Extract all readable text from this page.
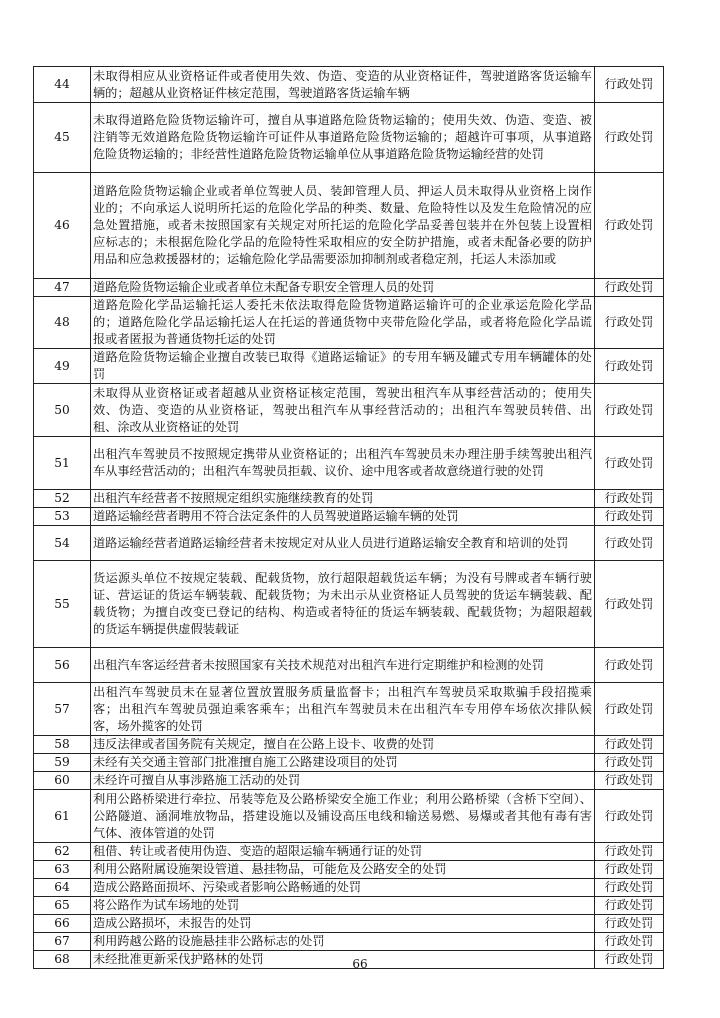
44	未取得相应从业资格证件或者使用失效、伪造、变造的从业资格证件，驾驶道路客货运输车辆的；超越从业资格证件核定范围，驾驶道路客货运输车辆	行政处罚
45	未取得道路危险货物运输许可，擅自从事道路危险货物运输的；使用失效、伪造、变造、被注销等无效道路危险货物运输许可证件从事道路危险货物运输的；超越许可事项，从事道路危险货物运输的；非经营性道路危险货物运输单位从事道路危险货物运输经营的处罚	行政处罚
46	道路危险货物运输企业或者单位驾驶人员、装卸管理人员、押运人员未取得从业资格上岗作业的；不向承运人说明所托运的危险化学品的种类、数量、危险特性以及发生危险情况的应急处置措施，或者未按照国家有关规定对所托运的危险化学品妥善包装并在外包装上设置相应标志的；未根据危险化学品的危险特性采取相应的安全防护措施，或者未配备必要的防护用品和应急救援器材的；运输危险化学品需要添加抑制剂或者稳定剂，托运人未添加或	行政处罚
47	道路危险货物运输企业或者单位未配备专职安全管理人员的处罚	行政处罚
48	道路危险化学品运输托运人委托未依法取得危险货物道路运输许可的企业承运危险化学品的；道路危险化学品运输托运人在托运的普通货物中夹带危险化学品，或者将危险化学品谎报或者匿报为普通货物托运的处罚	行政处罚
49	道路危险货物运输企业擅自改装已取得《道路运输证》的专用车辆及罐式专用车辆罐体的处罚	行政处罚
50	未取得从业资格证或者超越从业资格证核定范围，驾驶出租汽车从事经营活动的；使用失效、伪造、变造的从业资格证，驾驶出租汽车从事经营活动的；出租汽车驾驶员转借、出租、涂改从业资格证的处罚	行政处罚
51	出租汽车驾驶员不按照规定携带从业资格证的；出租汽车驾驶员未办理注册手续驾驶出租汽车从事经营活动的；出租汽车驾驶员拒载、议价、途中甩客或者故意绕道行驶的处罚	行政处罚
52	出租汽车经营者不按照规定组织实施继续教育的处罚	行政处罚
53	道路运输经营者聘用不符合法定条件的人员驾驶道路运输车辆的处罚	行政处罚
54	道路运输经营者道路运输经营者未按规定对从业人员进行道路运输安全教育和培训的处罚	行政处罚
55	货运源头单位不按规定装载、配载货物，放行超限超载货运车辆；为没有号牌或者车辆行驶证、营运证的货运车辆装载、配载货物；为未出示从业资格证人员驾驶的货运车辆装载、配载货物；为擅自改变已登记的结构、构造或者特征的货运车辆装载、配载货物；为超限超载的货运车辆提供虚假装载证	行政处罚
56	出租汽车客运经营者未按照国家有关技术规范对出租汽车进行定期维护和检测的处罚	行政处罚
57	出租汽车驾驶员未在显著位置放置服务质量监督卡；出租汽车驾驶员采取欺骗手段招揽乘客；出租汽车驾驶员强迫乘客乘车；出租汽车驾驶员未在出租汽车专用停车场依次排队候客，场外揽客的处罚	行政处罚
58	违反法律或者国务院有关规定，擅自在公路上设卡、收费的处罚	行政处罚
59	未经有关交通主管部门批准擅自施工公路建设项目的处罚	行政处罚
60	未经许可擅自从事涉路施工活动的处罚	行政处罚
61	利用公路桥梁进行牵拉、吊装等危及公路桥梁安全施工作业；利用公路桥梁（含桥下空间）、公路隧道、涵洞堆放物品，搭建设施以及铺设高压电线和输送易燃、易爆或者其他有毒有害气体、液体管道的处罚	行政处罚
62	租借、转让或者使用伪造、变造的超限运输车辆通行证的处罚	行政处罚
63	利用公路附属设施架设管道、悬挂物品，可能危及公路安全的处罚	行政处罚
64	造成公路路面损坏、污染或者影响公路畅通的处罚	行政处罚
65	将公路作为试车场地的处罚	行政处罚
66	造成公路损坏，未报告的处罚	行政处罚
67	利用跨越公路的设施悬挂非公路标志的处罚	行政处罚
68	未经批准更新采伐护路林的处罚	行政处罚
66
